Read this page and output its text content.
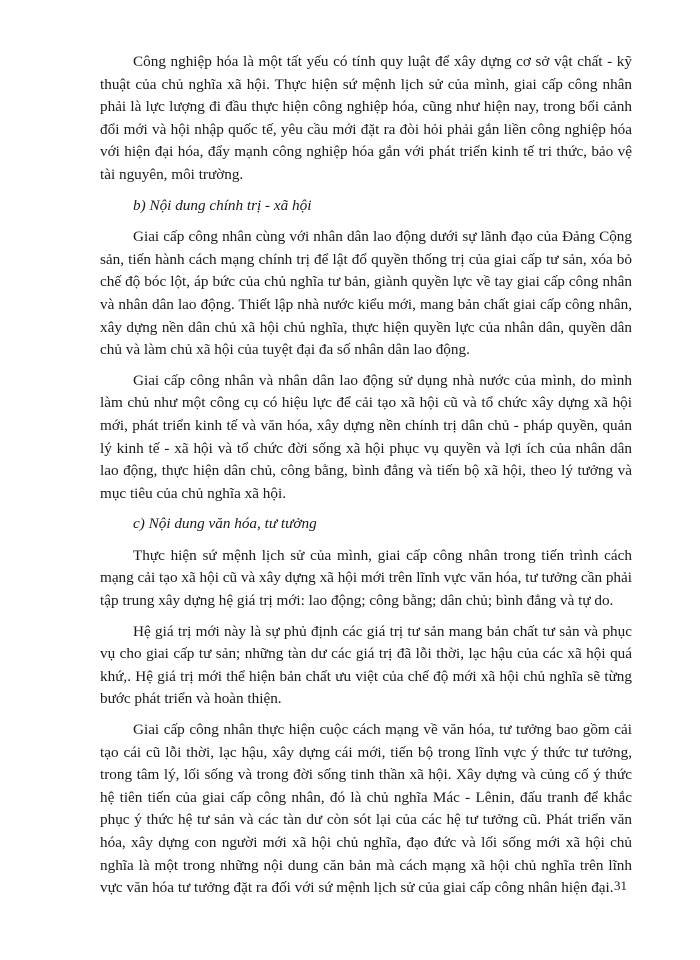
Công nghiệp hóa là một tất yếu có tính quy luật để xây dựng cơ sở vật chất - kỹ thuật của chủ nghĩa xã hội. Thực hiện sứ mệnh lịch sử của mình, giai cấp công nhân phải là lực lượng đi đầu thực hiện công nghiệp hóa, cũng như hiện nay, trong bối cảnh đổi mới và hội nhập quốc tế, yêu cầu mới đặt ra đòi hỏi phải gắn liền công nghiệp hóa với hiện đại hóa, đẩy mạnh công nghiệp hóa gắn với phát triển kinh tế tri thức, bảo vệ tài nguyên, môi trường.

b) Nội dung chính trị - xã hội

Giai cấp công nhân cùng với nhân dân lao động dưới sự lãnh đạo của Đảng Cộng sản, tiến hành cách mạng chính trị để lật đổ quyền thống trị của giai cấp tư sản, xóa bỏ chế độ bóc lột, áp bức của chủ nghĩa tư bản, giành quyền lực về tay giai cấp công nhân và nhân dân lao động. Thiết lập nhà nước kiểu mới, mang bản chất giai cấp công nhân, xây dựng nền dân chủ xã hội chủ nghĩa, thực hiện quyền lực của nhân dân, quyền dân chủ và làm chủ xã hội của tuyệt đại đa số nhân dân lao động.

Giai cấp công nhân và nhân dân lao động sử dụng nhà nước của mình, do mình làm chủ như một công cụ có hiệu lực để cải tạo xã hội cũ và tổ chức xây dựng xã hội mới, phát triển kinh tế và văn hóa, xây dựng nền chính trị dân chủ - pháp quyền, quản lý kinh tế - xã hội và tổ chức đời sống xã hội phục vụ quyền và lợi ích của nhân dân lao động, thực hiện dân chủ, công bằng, bình đẳng và tiến bộ xã hội, theo lý tưởng và mục tiêu của chủ nghĩa xã hội.

c) Nội dung văn hóa, tư tưởng

Thực hiện sứ mệnh lịch sử của mình, giai cấp công nhân trong tiến trình cách mạng cải tạo xã hội cũ và xây dựng xã hội mới trên lĩnh vực văn hóa, tư tưởng cần phải tập trung xây dựng hệ giá trị mới: lao động; công bằng; dân chủ; bình đẳng và tự do.

Hệ giá trị mới này là sự phủ định các giá trị tư sản mang bản chất tư sản và phục vụ cho giai cấp tư sản; những tàn dư các giá trị đã lỗi thời, lạc hậu của các xã hội quá khứ,. Hệ giá trị mới thể hiện bản chất ưu việt của chế độ mới xã hội chủ nghĩa sẽ từng bước phát triển và hoàn thiện.

Giai cấp công nhân thực hiện cuộc cách mạng về văn hóa, tư tưởng bao gồm cải tạo cái cũ lỗi thời, lạc hậu, xây dựng cái mới, tiến bộ trong lĩnh vực ý thức tư tưởng, trong tâm lý, lối sống và trong đời sống tinh thần xã hội. Xây dựng và củng cố ý thức hệ tiên tiến của giai cấp công nhân, đó là chủ nghĩa Mác - Lênin, đấu tranh để khắc phục ý thức hệ tư sản và các tàn dư còn sót lại của các hệ tư tưởng cũ. Phát triển văn hóa, xây dựng con người mới xã hội chủ nghĩa, đạo đức và lối sống mới xã hội chủ nghĩa là một trong những nội dung căn bản mà cách mạng xã hội chủ nghĩa trên lĩnh vực văn hóa tư tưởng đặt ra đối với sứ mệnh lịch sử của giai cấp công nhân hiện đại. 31
